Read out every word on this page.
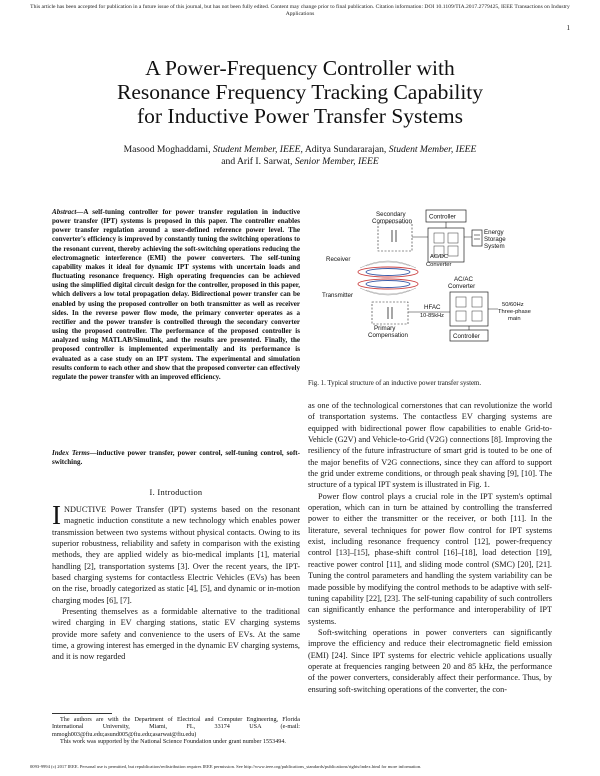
This article has been accepted for publication in a future issue of this journal, but has not been fully edited. Content may change prior to final publication. Citation information: DOI 10.1109/TIA.2017.2779425, IEEE Transactions on Industry Applications
1
A Power-Frequency Controller with
Resonance Frequency Tracking Capability
for Inductive Power Transfer Systems
Masood Moghaddami, Student Member, IEEE, Aditya Sundararajan, Student Member, IEEE
and Arif I. Sarwat, Senior Member, IEEE
Abstract—A self-tuning controller for power transfer regulation in inductive power transfer (IPT) systems is proposed in this paper. The controller enables power transfer regulation around a user-defined reference power level. The converter's efficiency is improved by constantly tuning the switching operations to the resonant current, thereby achieving the soft-switching operations reducing the electromagnetic interference (EMI) the power converters. The self-tuning capability makes it ideal for dynamic IPT systems with uncertain loads and fluctuating resonance frequency. High operating frequencies can be achieved using the simplified digital circuit design for the controller, proposed in this paper, which delivers a low total propagation delay. Bidirectional power transfer can be enabled by using the proposed controller on both transmitter as well as receiver sides. In the reverse power flow mode, the primary converter operates as a rectifier and the power transfer is controlled through the secondary converter using the proposed controller. The performance of the proposed controller is analyzed using MATLAB/Simulink, and the results are presented. Finally, the proposed controller is implemented experimentally and its performance is evaluated as a case study on an IPT system. The experimental and simulation results conform to each other and show that the proposed converter can effectively regulate the power transfer with an improved efficiency.
Index Terms—inductive power transfer, power control, self-tuning control, soft-switching.
I. Introduction

INDUCTIVE Power Transfer (IPT) systems based on the resonant magnetic induction constitute a new technology which enables power transmission between two systems without physical contacts. Owing to its superior robustness, reliability and safety in comparison with the existing methods, they are applied widely as bio-medical implants [1], material handling [2], transportation systems [3]. Over the recent years, the IPT-based charging systems for contactless Electric Vehicles (EVs) has been on the rise, broadly categorized as static [4], [5], and dynamic or in-motion charging modes [6], [7].

Presenting themselves as a formidable alternative to the traditional wired charging in EV charging stations, static EV charging systems provide more safety and convenience to the users of EVs. At the same time, a growing interest has emerged in the dynamic EV charging systems, and it is now regarded

The authors are with the Department of Electrical and Computer Engineering, Florida International University, Miami, FL, 33174 USA (e-mail: mmogh003@fiu.edu;asund005@fiu.edu;asarwat@fiu.edu)

This work was supported by the National Science Foundation under grant number 1553494.

Secondary
Compensation
Controller
AC/DC
Converter
Energy
Storage
System
Receiver
Transmitter
Primary
Compensation
HFAC
10-85kHz
AC/AC
Converter
50/60Hz
Three-phase
main
Controller
Fig. 1. Typical structure of an inductive power transfer system.

as one of the technological cornerstones that can revolutionize the world of transportation systems. The contactless EV charging systems are equipped with bidirectional power flow capabilities to enable Grid-to-Vehicle (G2V) and Vehicle-to-Grid (V2G) connections [8]. Improving the resiliency of the future infrastructure of smart grid is touted to be one of the major benefits of V2G connections, since they can afford to support the grid under extreme conditions, or through peak shaving [9], [10]. The structure of a typical IPT system is illustrated in Fig. 1.

Power flow control plays a crucial role in the IPT system's optimal operation, which can in turn be attained by controlling the transferred power to either the transmitter or the receiver, or both [11]. In the literature, several techniques for power flow control for IPT systems exist, including resonance frequency control [12], power-frequency control [13]–[15], phase-shift control [16]–[18], load detection [19], reactive power control [11], and sliding mode control (SMC) [20], [21]. Tuning the control parameters and handling the system variability can be made possible by modifying the control methods to be adaptive with self-tuning capability [22], [23]. The self-tuning capability of such controllers can significantly enhance the performance and interoperability of IPT systems.

Soft-switching operations in power converters can significantly improve the efficiency and reduce their electromagnetic field emission (EMI) [24]. Since IPT systems for electric vehicle applications usually operate at frequencies ranging between 20 and 85 kHz, the performance of the power converters, considerably affect their performance. Thus, by ensuring soft-switching operations of the converter, the con-

0093-9994 (c) 2017 IEEE. Personal use is permitted, but republication/redistribution requires IEEE permission. See http://www.ieee.org/publications_standards/publications/rights/index.html for more information.
